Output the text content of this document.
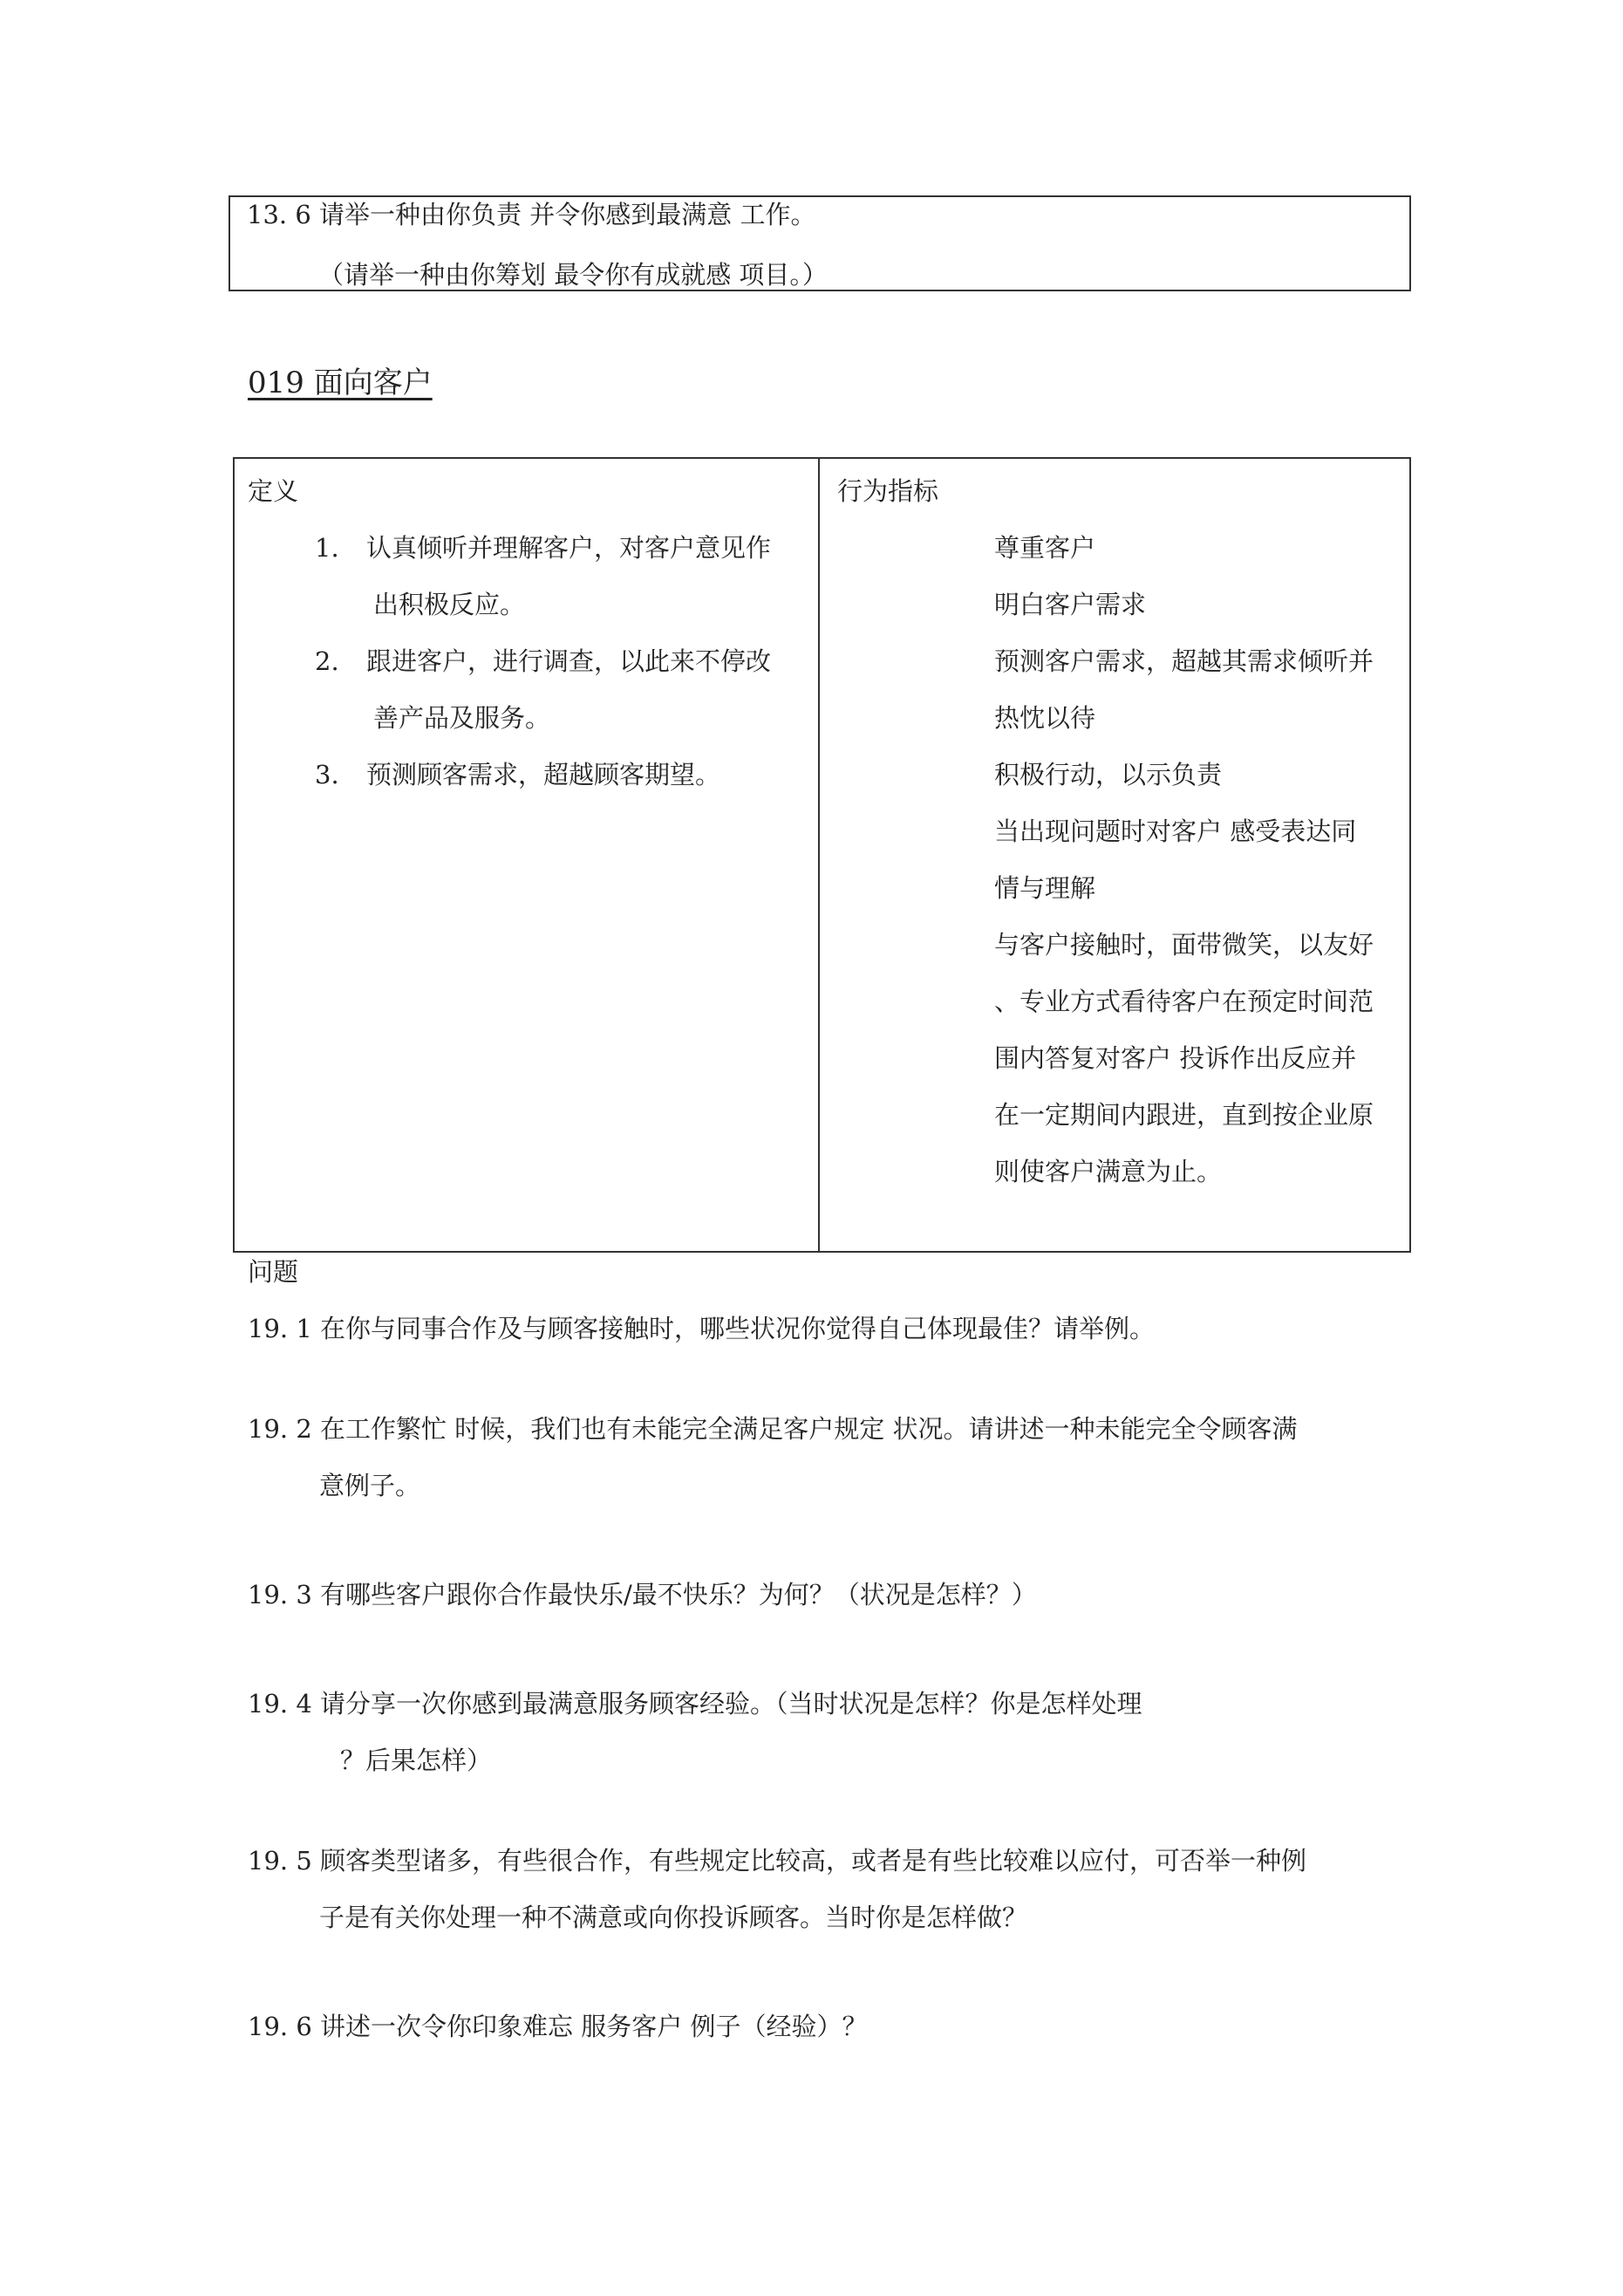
13. 6 请举一种由你负责 并令你感到最满意 工作。
（请举一种由你筹划 最令你有成就感 项目。）
019 面向客户
定义
1. 认真倾听并理解客户，对客户意见作
出积极反应。
2. 跟进客户，进行调查，以此来不停改
善产品及服务。
3. 预测顾客需求，超越顾客期望。
行为指标
尊重客户
明白客户需求
预测客户需求，超越其需求倾听并
热忱以待
积极行动，以示负责
当出现问题时对客户 感受表达同
情与理解
与客户接触时，面带微笑，以友好
、专业方式看待客户在预定时间范
围内答复对客户 投诉作出反应并
在一定期间内跟进，直到按企业原
则使客户满意为止。
问题
19. 1 在你与同事合作及与顾客接触时，哪些状况你觉得自己体现最佳？请举例。
19. 2 在工作繁忙 时候，我们也有未能完全满足客户规定 状况。请讲述一种未能完全令顾客满
意例子。
19. 3 有哪些客户跟你合作最快乐/最不快乐？为何？（状况是怎样？）
19. 4 请分享一次你感到最满意服务顾客经验。（当时状况是怎样？你是怎样处理
？后果怎样）
19. 5 顾客类型诸多，有些很合作，有些规定比较高，或者是有些比较难以应付，可否举一种例
子是有关你处理一种不满意或向你投诉顾客。当时你是怎样做？
19. 6 讲述一次令你印象难忘 服务客户 例子（经验）？
